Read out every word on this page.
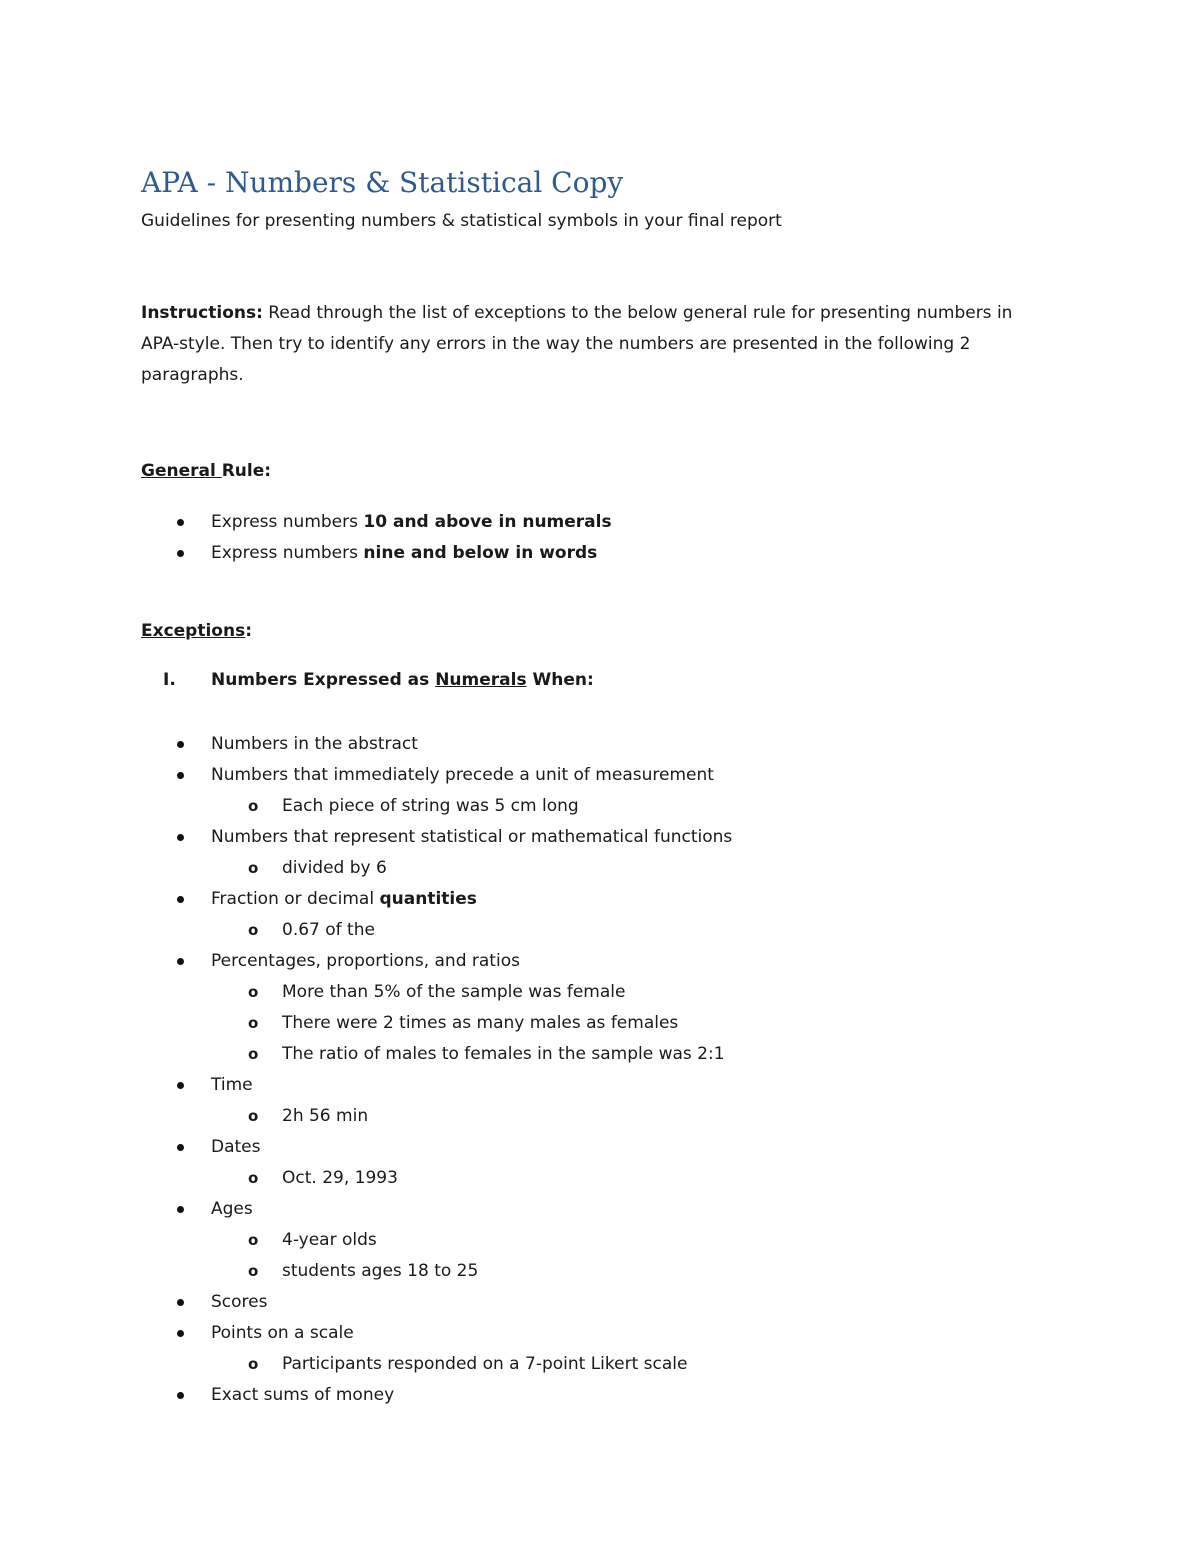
APA - Numbers & Statistical Copy

Guidelines for presenting numbers & statistical symbols in your final report

Instructions: Read through the list of exceptions to the below general rule for presenting numbers in APA-style. Then try to identify any errors in the way the numbers are presented in the following 2 paragraphs.

General Rule:

Express numbers 10 and above in numerals
Express numbers nine and below in words

Exceptions:

I. Numbers Expressed as Numerals When:

Numbers in the abstract
Numbers that immediately precede a unit of measurement
o Each piece of string was 5 cm long
Numbers that represent statistical or mathematical functions
o divided by 6
Fraction or decimal quantities
o 0.67 of the
Percentages, proportions, and ratios
o More than 5% of the sample was female
o There were 2 times as many males as females
o The ratio of males to females in the sample was 2:1
Time
o 2h 56 min
Dates
o Oct. 29, 1993
Ages
o 4-year olds
o students ages 18 to 25
Scores
Points on a scale
o Participants responded on a 7-point Likert scale
Exact sums of money
